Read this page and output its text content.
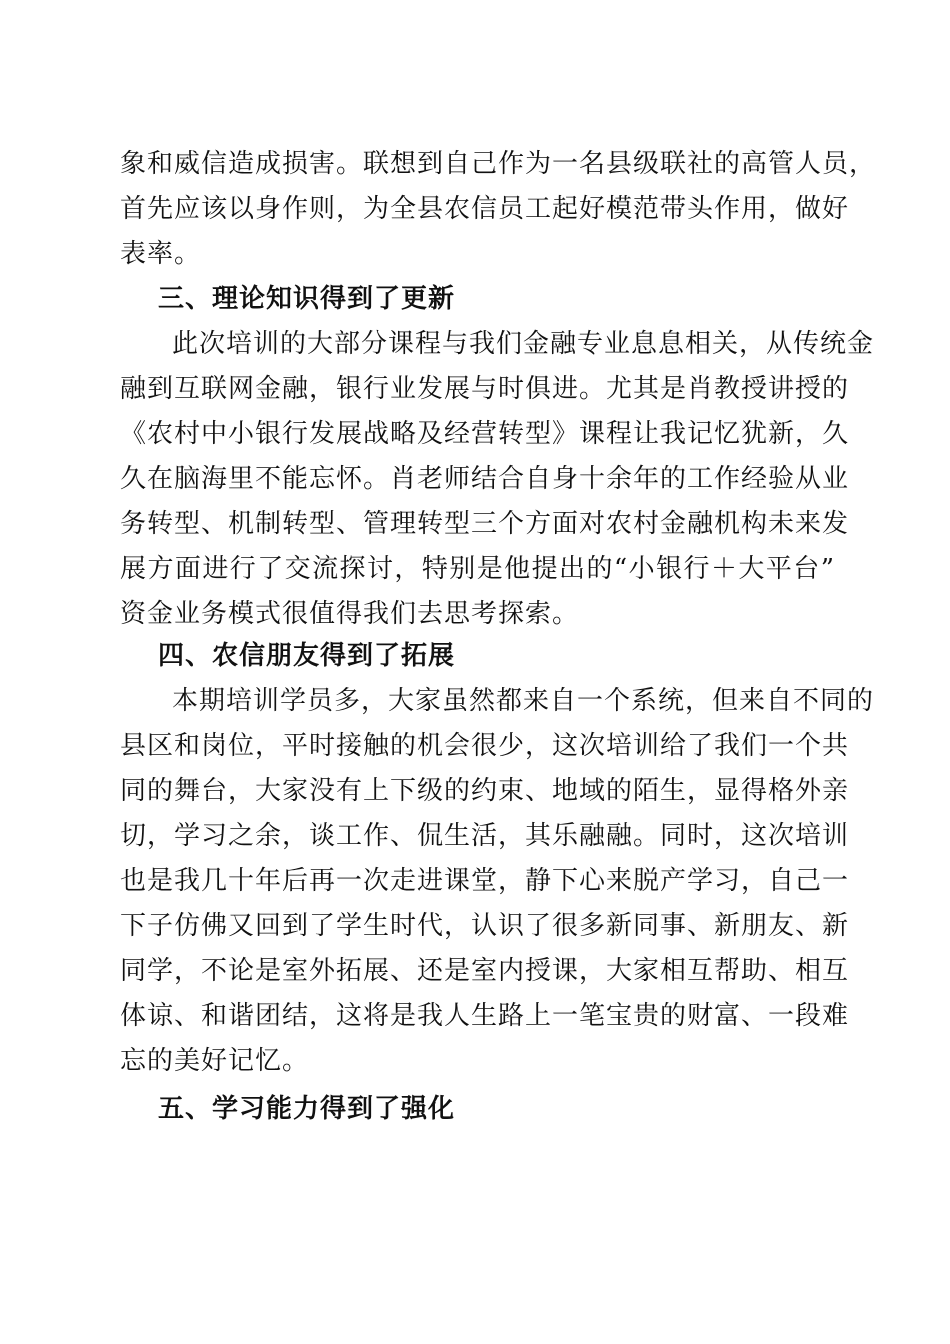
象和威信造成损害。联想到自己作为一名县级联社的高管人员，
首先应该以身作则，为全县农信员工起好模范带头作用，做好
表率。
三、理论知识得到了更新
此次培训的大部分课程与我们金融专业息息相关，从传统金
融到互联网金融，银行业发展与时俱进。尤其是肖教授讲授的
《农村中小银行发展战略及经营转型》课程让我记忆犹新，久
久在脑海里不能忘怀。肖老师结合自身十余年的工作经验从业
务转型、机制转型、管理转型三个方面对农村金融机构未来发
展方面进行了交流探讨，特别是他提出的“小银行＋大平台”
资金业务模式很值得我们去思考探索。
四、农信朋友得到了拓展
本期培训学员多，大家虽然都来自一个系统，但来自不同的
县区和岗位，平时接触的机会很少，这次培训给了我们一个共
同的舞台，大家没有上下级的约束、地域的陌生，显得格外亲
切，学习之余，谈工作、侃生活，其乐融融。同时，这次培训
也是我几十年后再一次走进课堂，静下心来脱产学习，自己一
下子仿佛又回到了学生时代，认识了很多新同事、新朋友、新
同学，不论是室外拓展、还是室内授课，大家相互帮助、相互
体谅、和谐团结，这将是我人生路上一笔宝贵的财富、一段难
忘的美好记忆。
五、学习能力得到了强化
